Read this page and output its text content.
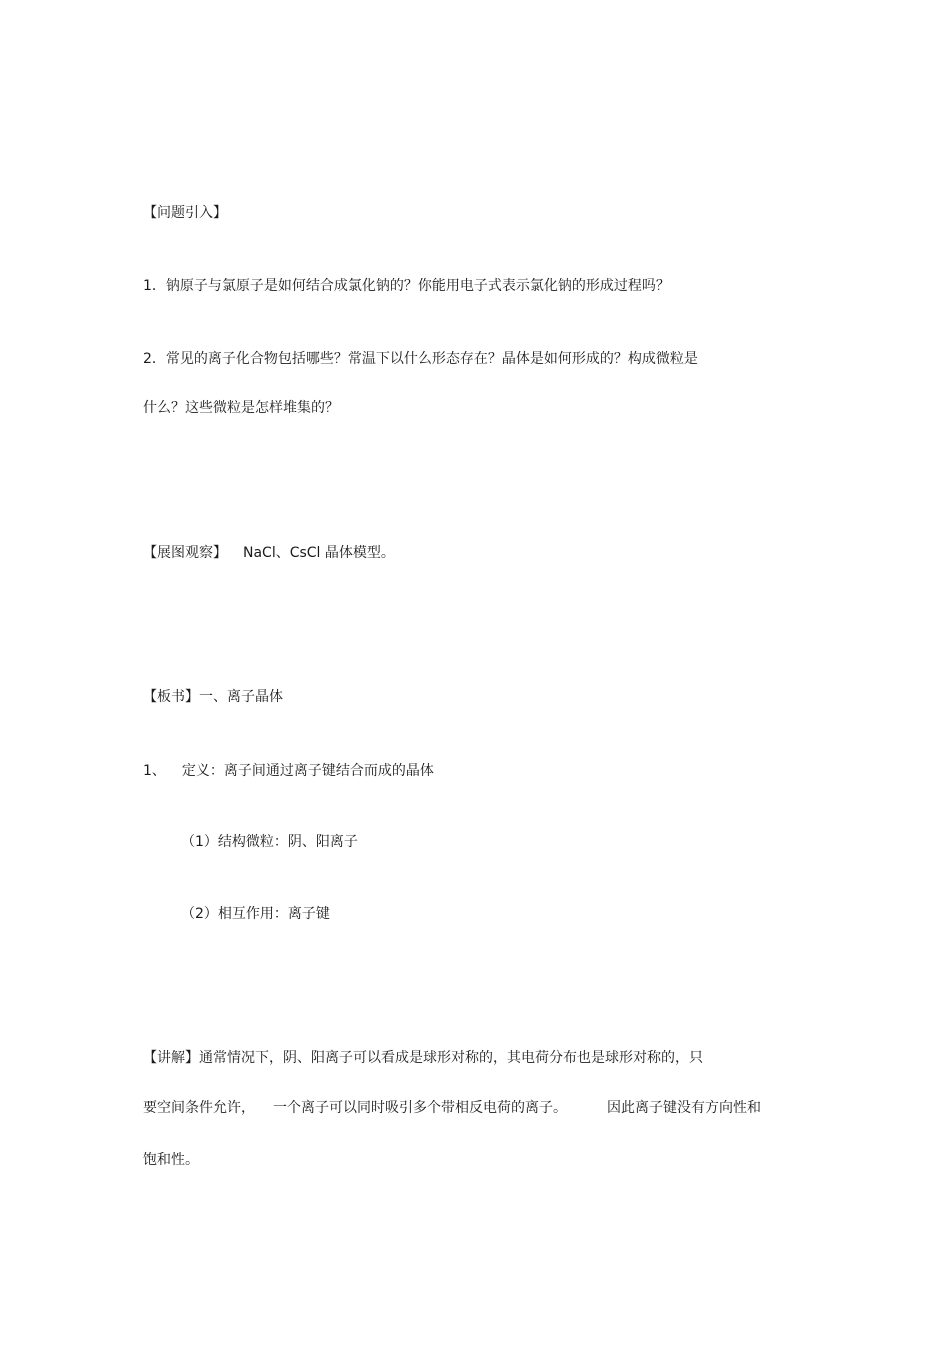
【问题引入】
1．钠原子与氯原子是如何结合成氯化钠的？你能用电子式表示氯化钠的形成过程吗？
2．常见的离子化合物包括哪些？常温下以什么形态存在？晶体是如何形成的？构成微粒是
什么？这些微粒是怎样堆集的？
【展图观察】 NaCl、CsCl 晶体模型。
【板书】一、离子晶体
1、 定义：离子间通过离子键结合而成的晶体
（1）结构微粒：阴、阳离子
（2）相互作用：离子键
【讲解】通常情况下，阴、阳离子可以看成是球形对称的，其电荷分布也是球形对称的，只
要空间条件允许， 一个离子可以同时吸引多个带相反电荷的离子。	因此离子键没有方向性和
饱和性。
